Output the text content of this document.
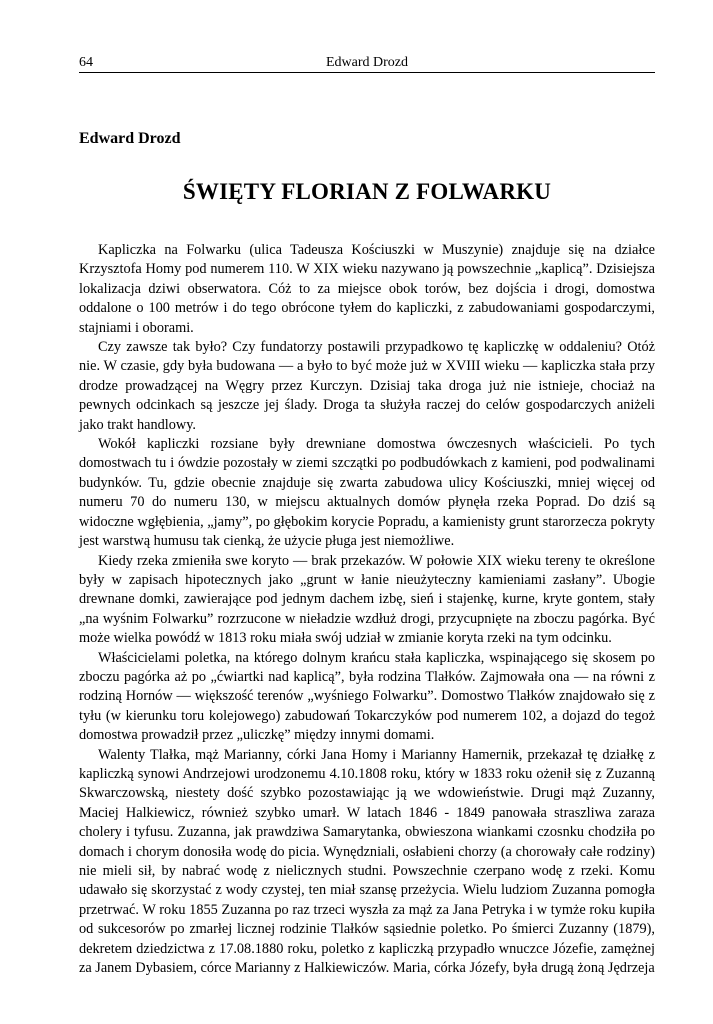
64	Edward Drozd
Edward Drozd
ŚWIĘTY FLORIAN Z FOLWARKU

Kapliczka na Folwarku (ulica Tadeusza Kościuszki w Muszynie) znajduje się na działce Krzysztofa Homy pod numerem 110. W XIX wieku nazywano ją powszechnie „kaplicą”. Dzisiejsza lokalizacja dziwi obserwatora. Cóż to za miejsce obok torów, bez dojścia i drogi, domostwa oddalone o 100 metrów i do tego obrócone tyłem do kapliczki, z zabudowaniami gospodarczymi, stajniami i oborami.

Czy zawsze tak było? Czy fundatorzy postawili przypadkowo tę kapliczkę w oddaleniu? Otóż nie. W czasie, gdy była budowana — a było to być może już w XVIII wieku — kapliczka stała przy drodze prowadzącej na Węgry przez Kurczyn. Dzisiaj taka droga już nie istnieje, chociaż na pewnych odcinkach są jeszcze jej ślady. Droga ta służyła raczej do celów gospodarczych aniżeli jako trakt handlowy.

Wokół kapliczki rozsiane były drewniane domostwa ówczesnych właścicieli. Po tych domostwach tu i ówdzie pozostały w ziemi szczątki po podbudówkach z kamieni, pod podwalinami budynków. Tu, gdzie obecnie znajduje się zwarta zabudowa ulicy Kościuszki, mniej więcej od numeru 70 do numeru 130, w miejscu aktualnych domów płynęła rzeka Poprad. Do dziś są widoczne wgłębienia, „jamy”, po głębokim korycie Popradu, a kamienisty grunt starorzecza pokryty jest warstwą humusu tak cienką, że użycie pługa jest niemożliwe.

Kiedy rzeka zmieniła swe koryto — brak przekazów. W połowie XIX wieku tereny te określone były w zapisach hipotecznych jako „grunt w łanie nieużyteczny kamieniami zasłany”. Ubogie drewnane domki, zawierające pod jednym dachem izbę, sień i stajenkę, kurne, kryte gontem, stały „na wyśnim Folwarku” rozrzucone w nieładzie wzdłuż drogi, przycupnięte na zboczu pagórka. Być może wielka powódź w 1813 roku miała swój udział w zmianie koryta rzeki na tym odcinku.

Właścicielami poletka, na którego dolnym krańcu stała kapliczka, wspinającego się skosem po zboczu pagórka aż po „ćwiartki nad kaplicą”, była rodzina Tlałków. Zajmowała ona — na równi z rodziną Hornów — większość terenów „wyśniego Folwarku”. Domostwo Tlałków znajdowało się z tyłu (w kierunku toru kolejowego) zabudowań Tokarczyków pod numerem 102, a dojazd do tegoż domostwa prowadził przez „uliczkę” między innymi domami.

Walenty Tlałka, mąż Marianny, córki Jana Homy i Marianny Hamernik, przekazał tę działkę z kapliczką synowi Andrzejowi urodzonemu 4.10.1808 roku, który w 1833 roku ożenił się z Zuzanną Skwarczowską, niestety dość szybko pozostawiając ją we wdowieństwie. Drugi mąż Zuzanny, Maciej Halkiewicz, również szybko umarł. W latach 1846 - 1849 panowała straszliwa zaraza cholery i tyfusu. Zuzanna, jak prawdziwa Samarytanka, obwieszona wiankami czosnku chodziła po domach i chorym donosiła wodę do picia. Wynędzniali, osłabieni chorzy (a chorowały całe rodziny) nie mieli sił, by nabrać wodę z nielicznych studni. Powszechnie czerpano wodę z rzeki. Komu udawało się skorzystać z wody czystej, ten miał szansę przeżycia. Wielu ludziom Zuzanna pomogła przetrwać. W roku 1855 Zuzanna po raz trzeci wyszła za mąż za Jana Petryka i w tymże roku kupiła od sukcesorów po zmarłej licznej rodzinie Tlałków sąsiednie poletko. Po śmierci Zuzanny (1879), dekretem dziedzictwa z 17.08.1880 roku, poletko z kapliczką przypadło wnuczce Józefie, zamężnej za Janem Dybasiem, córce Marianny z Halkiewiczów. Maria, córka Józefy, była drugą żoną Jędrzeja
